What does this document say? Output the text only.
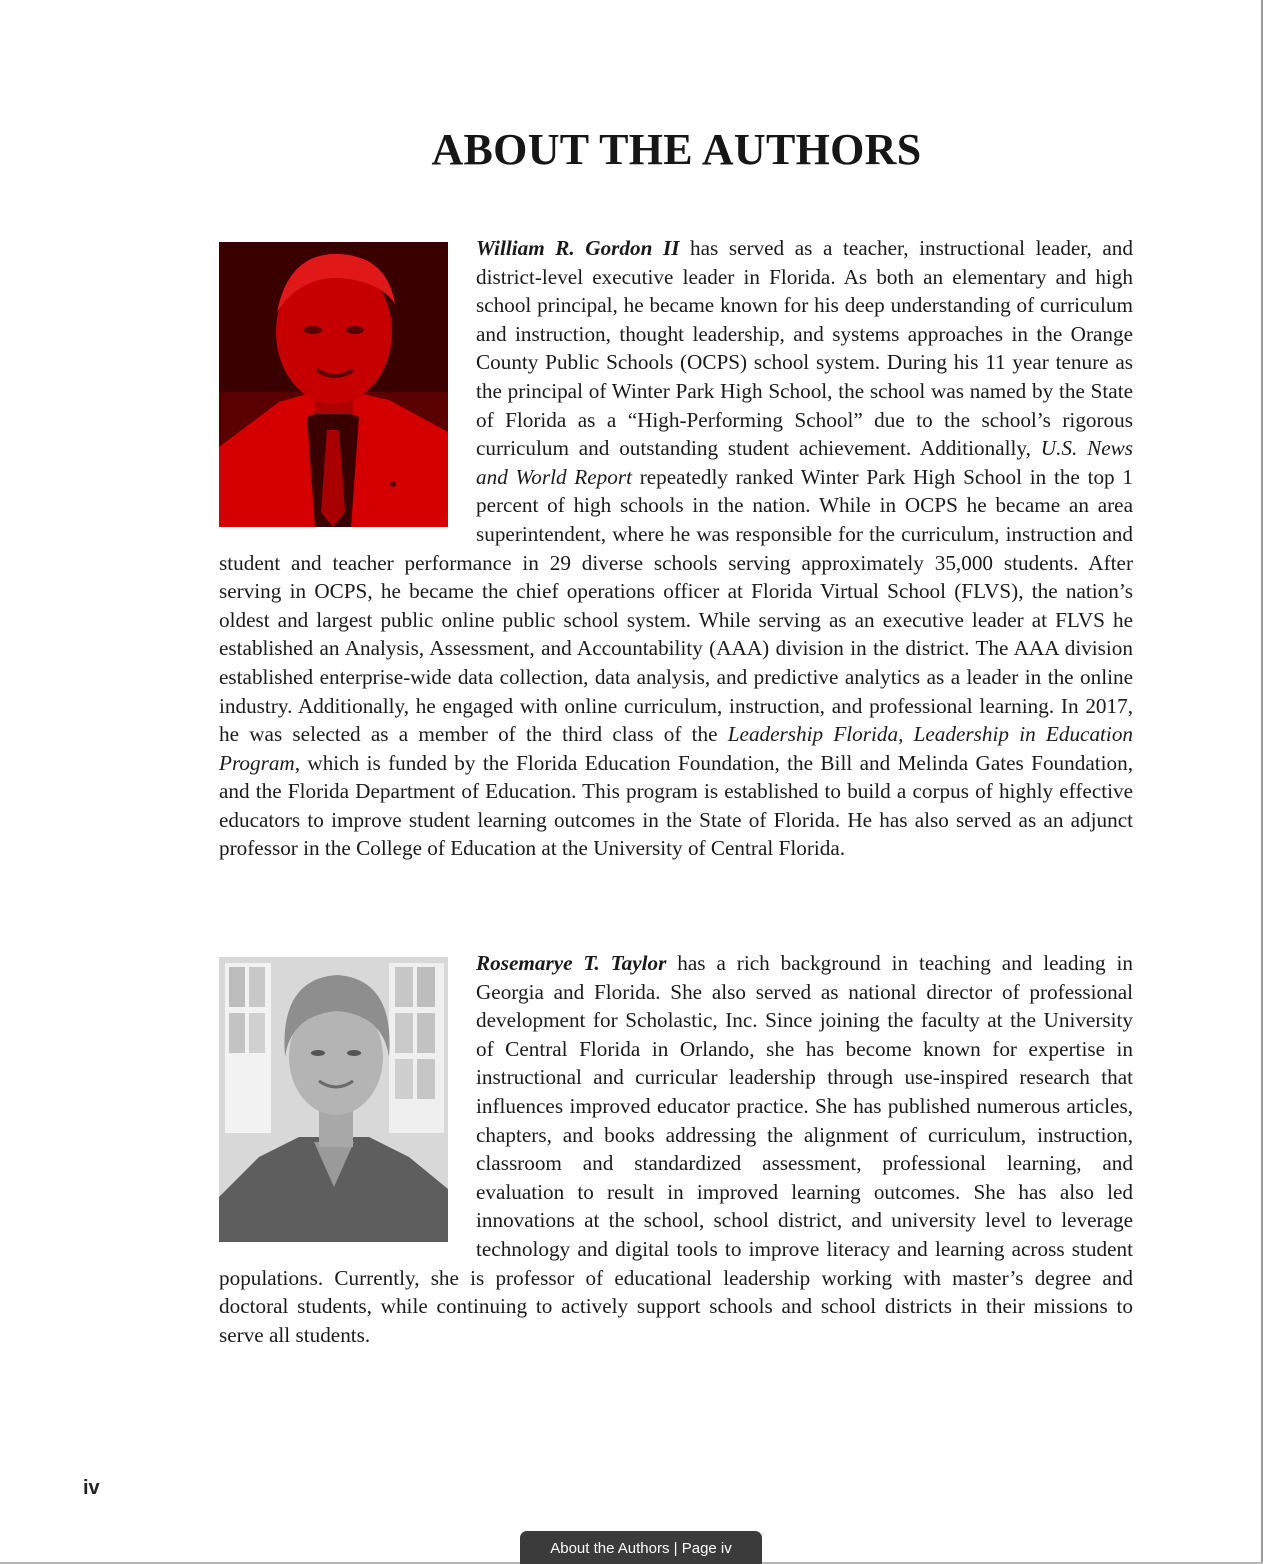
ABOUT THE AUTHORS
William R. Gordon II has served as a teacher, instructional leader, and district-level executive leader in Florida. As both an elementary and high school principal, he became known for his deep understanding of curriculum and instruction, thought leadership, and systems approaches in the Orange County Public Schools (OCPS) school system. During his 11 year tenure as the principal of Winter Park High School, the school was named by the State of Florida as a “High-Performing School” due to the school’s rigorous curriculum and outstanding student achievement. Additionally, U.S. News and World Report repeatedly ranked Winter Park High School in the top 1 percent of high schools in the nation. While in OCPS he became an area superintendent, where he was responsible for the curriculum, instruction and student and teacher performance in 29 diverse schools serving approximately 35,000 students. After serving in OCPS, he became the chief operations officer at Florida Virtual School (FLVS), the nation’s oldest and largest public online public school system. While serving as an executive leader at FLVS he established an Analysis, Assessment, and Accountability (AAA) division in the district. The AAA division established enterprise-wide data collection, data analysis, and predictive analytics as a leader in the online industry. Additionally, he engaged with online curriculum, instruction, and professional learning. In 2017, he was selected as a member of the third class of the Leadership Florida, Leadership in Education Program, which is funded by the Florida Education Foundation, the Bill and Melinda Gates Foundation, and the Florida Department of Education. This program is established to build a corpus of highly effective educators to improve student learning outcomes in the State of Florida. He has also served as an adjunct professor in the College of Education at the University of Central Florida.
Rosemarye T. Taylor has a rich background in teaching and leading in Georgia and Florida. She also served as national director of professional development for Scholastic, Inc. Since joining the faculty at the University of Central Florida in Orlando, she has become known for expertise in instructional and curricular leadership through use-inspired research that influences improved educator practice. She has published numerous articles, chapters, and books addressing the alignment of curriculum, instruction, classroom and standardized assessment, professional learning, and evaluation to result in improved learning outcomes. She has also led innovations at the school, school district, and university level to leverage technology and digital tools to improve literacy and learning across student populations. Currently, she is professor of educational leadership working with master’s degree and doctoral students, while continuing to actively support schools and school districts in their missions to serve all students.
iv
About the Authors | Page iv
